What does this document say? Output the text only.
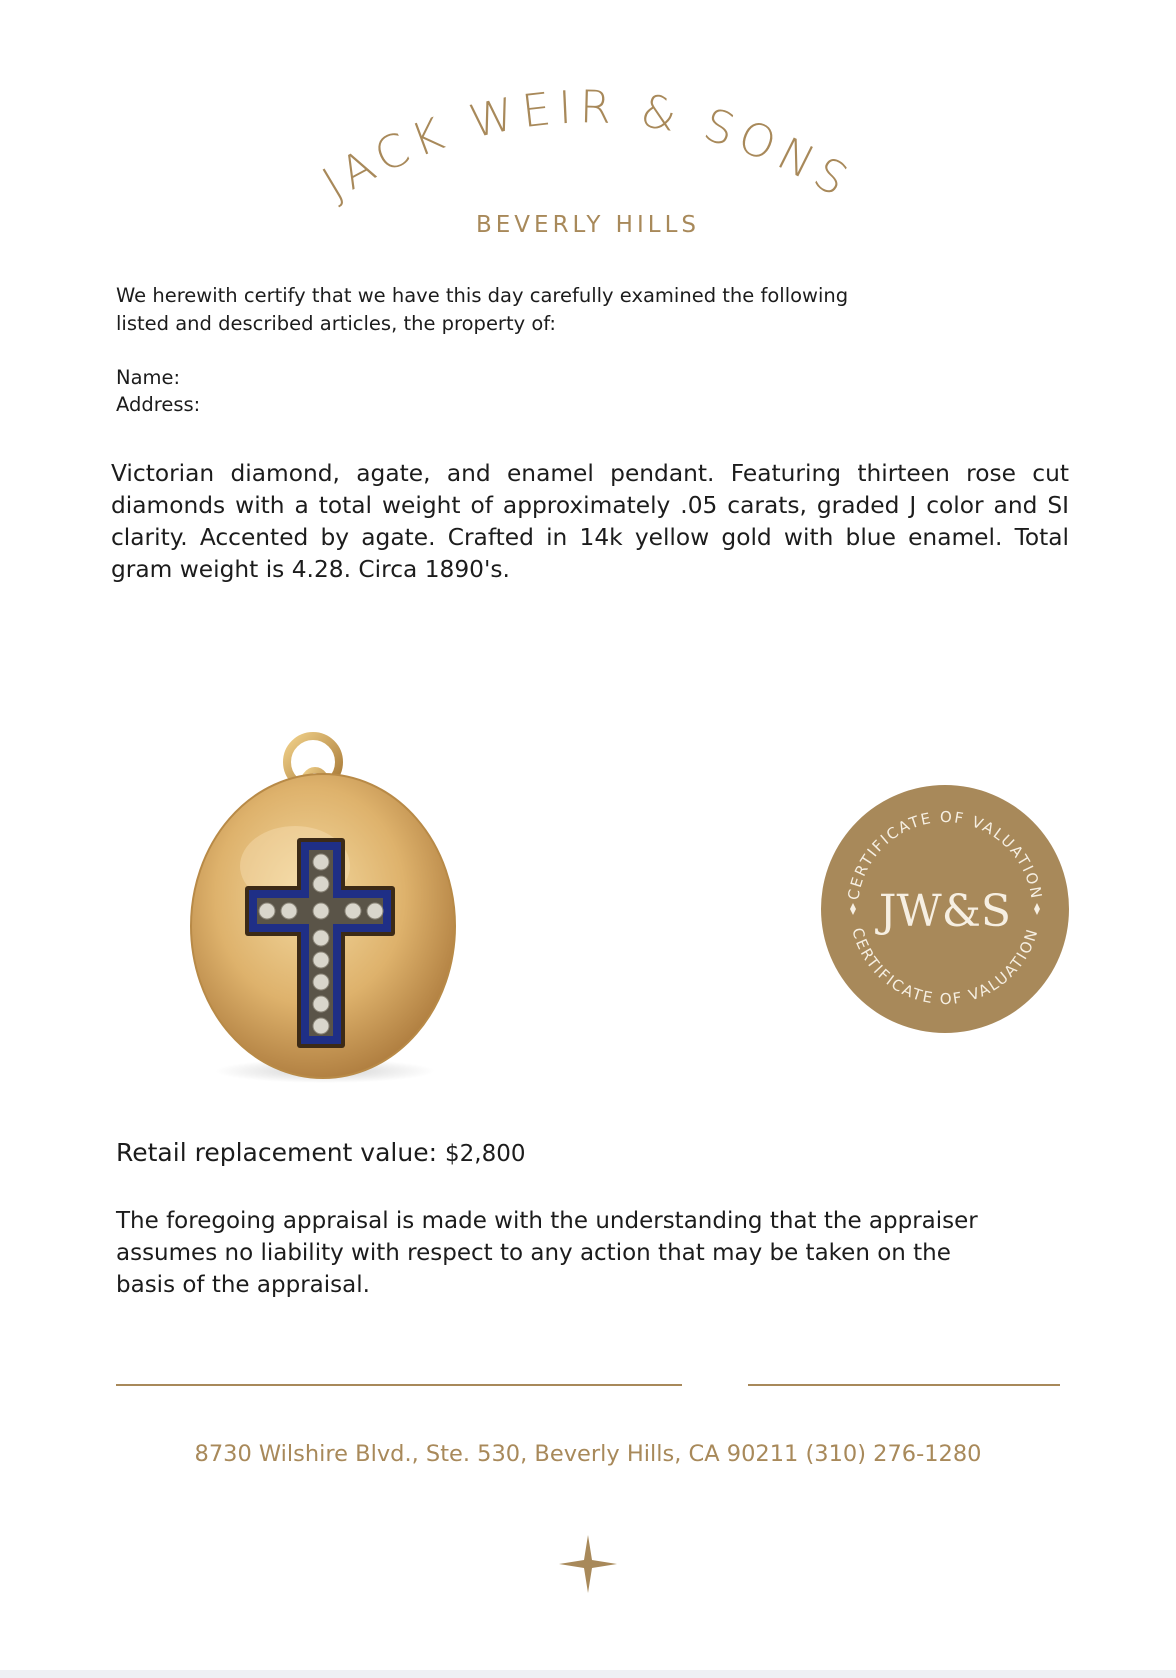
JACK WEIR & SONS
BEVERLY HILLS
We herewith certify that we have this day carefully examined the following listed and described articles, the property of:
Name:
Address:
Victorian diamond, agate, and enamel pendant. Featuring thirteen rose cut diamonds with a total weight of approximately .05 carats, graded J color and SI clarity. Accented by agate. Crafted in 14k yellow gold with blue enamel. Total gram weight is 4.28. Circa 1890's.
CERTIFICATE OF VALUATION
CERTIFICATE OF VALUATION
JW&S
Retail replacement value: $2,800
The foregoing appraisal is made with the understanding that the appraiser assumes no liability with respect to any action that may be taken on the basis of the appraisal.
8730 Wilshire Blvd., Ste. 530, Beverly Hills, CA 90211 (310) 276-1280
